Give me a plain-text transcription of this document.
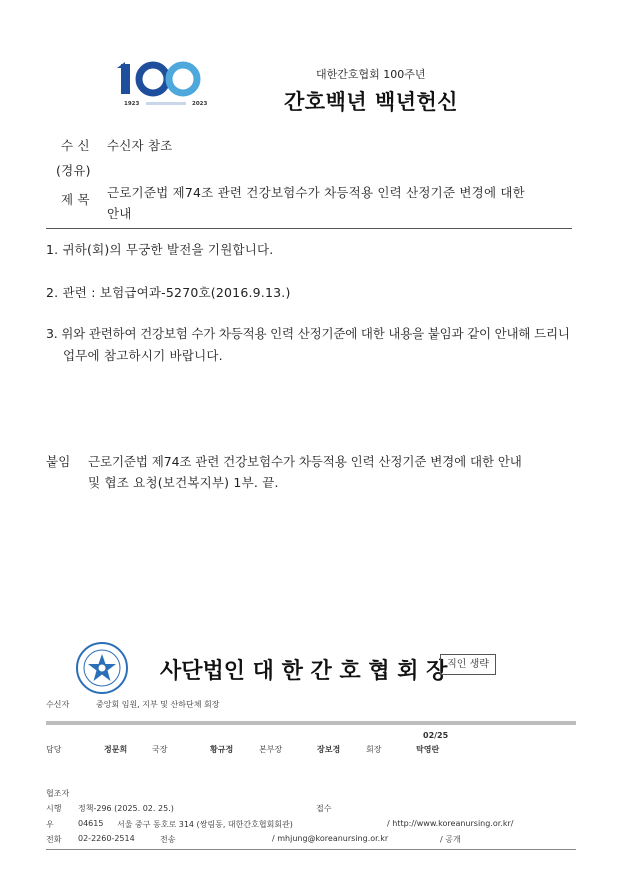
1923	2023
대한간호협회 100주년
간호백년 백년헌신
수 신 수신자 참조
(경유)
제 목 근로기준법 제74조 관련 건강보험수가 차등적용 인력 산정기준 변경에 대한
안내
1. 귀하(회)의 무궁한 발전을 기원합니다.
2. 관련 : 보험급여과-5270호(2016.9.13.)
3. 위와 관련하여 건강보험 수가 차등적용 인력 산정기준에 대한 내용을 붙임과 같이 안내해 드리니
업무에 참고하시기 바랍니다.
붙임 근로기준법 제74조 관련 건강보험수가 차등적용 인력 산정기준 변경에 대한 안내
및 협조 요청(보건복지부) 1부. 끝.
사단법인 대 한 간 호 협 회 장 직인 생략
수신자	중앙회 임원, 지부 및 산하단체 회장
02/25
담당	정문희	국장	황규정	본부장	장보경	회장	탁영란
협조자
시행 정책-296 (2025. 02. 25.)	접수
우	04615 서울 중구 동호로 314 (쌍림동, 대한간호협회회관)	/ http://www.koreanursing.or.kr/
전화 02-2260-2514	전송	/ mhjung@koreanursing.or.kr	/ 공개
